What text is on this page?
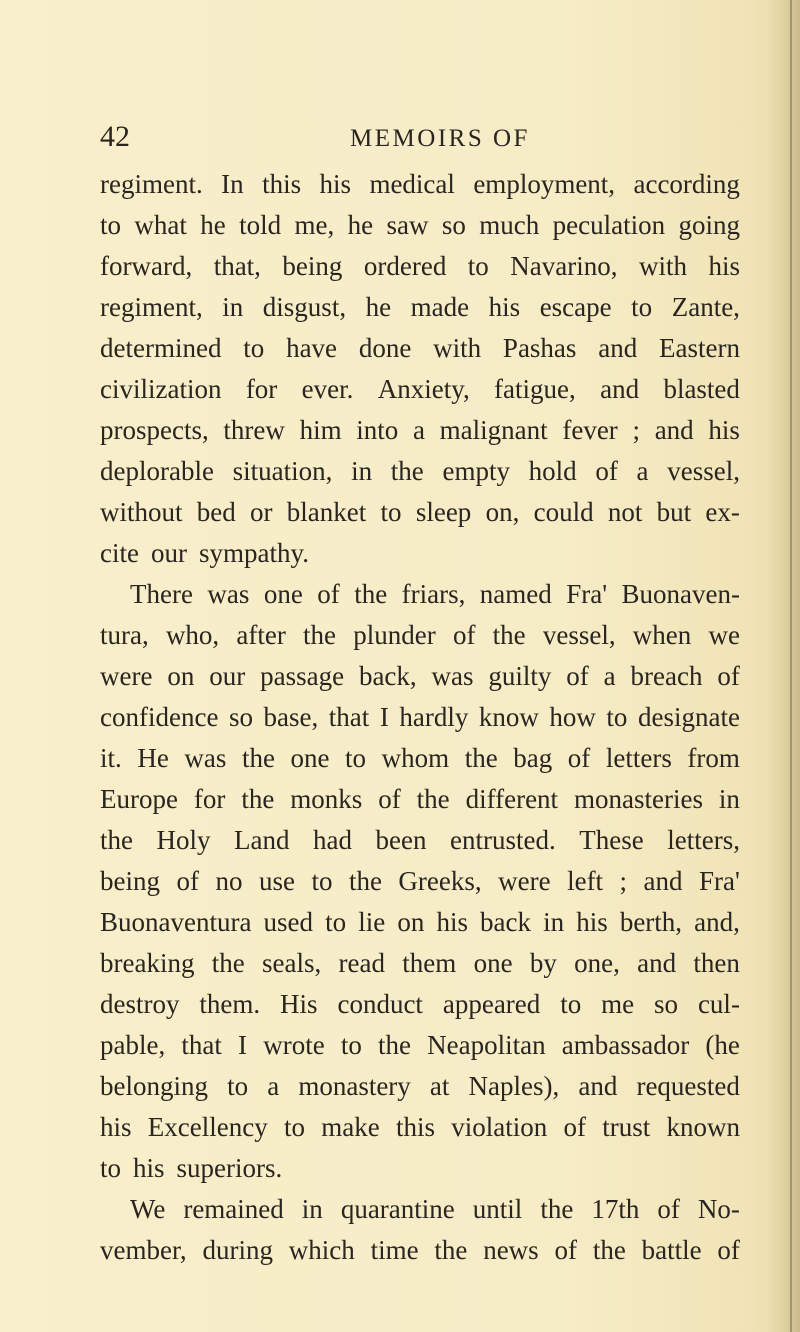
42	MEMOIRS OF
regiment. In this his medical employment, according
to what he told me, he saw so much peculation going
forward, that, being ordered to Navarino, with his
regiment, in disgust, he made his escape to Zante,
determined to have done with Pashas and Eastern
civilization for ever. Anxiety, fatigue, and blasted
prospects, threw him into a malignant fever ; and his
deplorable situation, in the empty hold of a vessel,
without bed or blanket to sleep on, could not but ex-
cite our sympathy.
There was one of the friars, named Fra' Buonaven-
tura, who, after the plunder of the vessel, when we
were on our passage back, was guilty of a breach of
confidence so base, that I hardly know how to designate
it. He was the one to whom the bag of letters from
Europe for the monks of the different monasteries in
the Holy Land had been entrusted. These letters,
being of no use to the Greeks, were left ; and Fra'
Buonaventura used to lie on his back in his berth, and,
breaking the seals, read them one by one, and then
destroy them. His conduct appeared to me so cul-
pable, that I wrote to the Neapolitan ambassador (he
belonging to a monastery at Naples), and requested
his Excellency to make this violation of trust known
to his superiors.
We remained in quarantine until the 17th of No-
vember, during which time the news of the battle of
